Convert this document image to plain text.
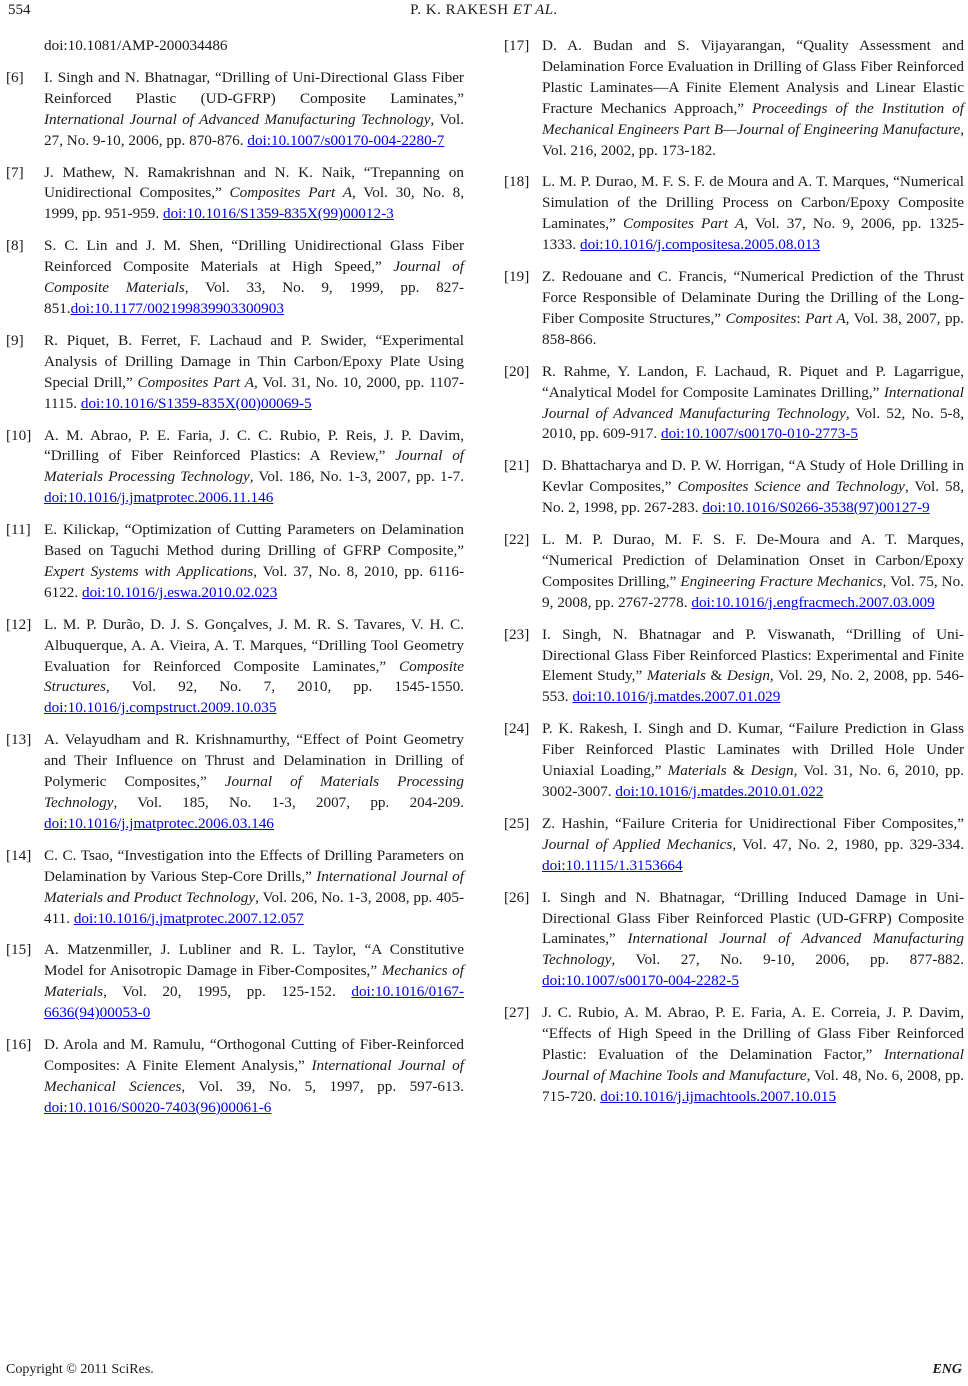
554	P. K. RAKESH ET AL.
doi:10.1081/AMP-200034486
[6] I. Singh and N. Bhatnagar, “Drilling of Uni-Directional Glass Fiber Reinforced Plastic (UD-GFRP) Composite Laminates,” International Journal of Advanced Manufacturing Technology, Vol. 27, No. 9-10, 2006, pp. 870-876. doi:10.1007/s00170-004-2280-7
[7] J. Mathew, N. Ramakrishnan and N. K. Naik, “Trepanning on Unidirectional Composites,” Composites Part A, Vol. 30, No. 8, 1999, pp. 951-959. doi:10.1016/S1359-835X(99)00012-3
[8] S. C. Lin and J. M. Shen, “Drilling Unidirectional Glass Fiber Reinforced Composite Materials at High Speed,” Journal of Composite Materials, Vol. 33, No. 9, 1999, pp. 827-851.doi:10.1177/002199839903300903
[9] R. Piquet, B. Ferret, F. Lachaud and P. Swider, “Experimental Analysis of Drilling Damage in Thin Carbon/Epoxy Plate Using Special Drill,” Composites Part A, Vol. 31, No. 10, 2000, pp. 1107-1115. doi:10.1016/S1359-835X(00)00069-5
[10] A. M. Abrao, P. E. Faria, J. C. C. Rubio, P. Reis, J. P. Davim, “Drilling of Fiber Reinforced Plastics: A Review,” Journal of Materials Processing Technology, Vol. 186, No. 1-3, 2007, pp. 1-7. doi:10.1016/j.jmatprotec.2006.11.146
[11] E. Kilickap, “Optimization of Cutting Parameters on Delamination Based on Taguchi Method during Drilling of GFRP Composite,” Expert Systems with Applications, Vol. 37, No. 8, 2010, pp. 6116-6122. doi:10.1016/j.eswa.2010.02.023
[12] L. M. P. Durão, D. J. S. Gonçalves, J. M. R. S. Tavares, V. H. C. Albuquerque, A. A. Vieira, A. T. Marques, “Drilling Tool Geometry Evaluation for Reinforced Composite Laminates,” Composite Structures, Vol. 92, No. 7, 2010, pp. 1545-1550. doi:10.1016/j.compstruct.2009.10.035
[13] A. Velayudham and R. Krishnamurthy, “Effect of Point Geometry and Their Influence on Thrust and Delamination in Drilling of Polymeric Composites,” Journal of Materials Processing Technology, Vol. 185, No. 1-3, 2007, pp. 204-209. doi:10.1016/j.jmatprotec.2006.03.146
[14] C. C. Tsao, “Investigation into the Effects of Drilling Parameters on Delamination by Various Step-Core Drills,” International Journal of Materials and Product Technology, Vol. 206, No. 1-3, 2008, pp. 405-411. doi:10.1016/j.jmatprotec.2007.12.057
[15] A. Matzenmiller, J. Lubliner and R. L. Taylor, “A Constitutive Model for Anisotropic Damage in Fiber-Composites,” Mechanics of Materials, Vol. 20, 1995, pp. 125-152. doi:10.1016/0167-6636(94)00053-0
[16] D. Arola and M. Ramulu, “Orthogonal Cutting of Fiber-Reinforced Composites: A Finite Element Analysis,” International Journal of Mechanical Sciences, Vol. 39, No. 5, 1997, pp. 597-613. doi:10.1016/S0020-7403(96)00061-6
[17] D. A. Budan and S. Vijayarangan, “Quality Assessment and Delamination Force Evaluation in Drilling of Glass Fiber Reinforced Plastic Laminates—A Finite Element Analysis and Linear Elastic Fracture Mechanics Approach,” Proceedings of the Institution of Mechanical Engineers Part B—Journal of Engineering Manufacture, Vol. 216, 2002, pp. 173-182.
[18] L. M. P. Durao, M. F. S. F. de Moura and A. T. Marques, “Numerical Simulation of the Drilling Process on Carbon/Epoxy Composite Laminates,” Composites Part A, Vol. 37, No. 9, 2006, pp. 1325-1333. doi:10.1016/j.compositesa.2005.08.013
[19] Z. Redouane and C. Francis, “Numerical Prediction of the Thrust Force Responsible of Delaminate During the Drilling of the Long-Fiber Composite Structures,” Composites: Part A, Vol. 38, 2007, pp. 858-866.
[20] R. Rahme, Y. Landon, F. Lachaud, R. Piquet and P. Lagarrigue, “Analytical Model for Composite Laminates Drilling,” International Journal of Advanced Manufacturing Technology, Vol. 52, No. 5-8, 2010, pp. 609-917. doi:10.1007/s00170-010-2773-5
[21] D. Bhattacharya and D. P. W. Horrigan, “A Study of Hole Drilling in Kevlar Composites,” Composites Science and Technology, Vol. 58, No. 2, 1998, pp. 267-283. doi:10.1016/S0266-3538(97)00127-9
[22] L. M. P. Durao, M. F. S. F. De-Moura and A. T. Marques, “Numerical Prediction of Delamination Onset in Carbon/Epoxy Composites Drilling,” Engineering Fracture Mechanics, Vol. 75, No. 9, 2008, pp. 2767-2778. doi:10.1016/j.engfracmech.2007.03.009
[23] I. Singh, N. Bhatnagar and P. Viswanath, “Drilling of Uni-Directional Glass Fiber Reinforced Plastics: Experimental and Finite Element Study,” Materials & Design, Vol. 29, No. 2, 2008, pp. 546-553. doi:10.1016/j.matdes.2007.01.029
[24] P. K. Rakesh, I. Singh and D. Kumar, “Failure Prediction in Glass Fiber Reinforced Plastic Laminates with Drilled Hole Under Uniaxial Loading,” Materials & Design, Vol. 31, No. 6, 2010, pp. 3002-3007. doi:10.1016/j.matdes.2010.01.022
[25] Z. Hashin, “Failure Criteria for Unidirectional Fiber Composites,” Journal of Applied Mechanics, Vol. 47, No. 2, 1980, pp. 329-334. doi:10.1115/1.3153664
[26] I. Singh and N. Bhatnagar, “Drilling Induced Damage in Uni-Directional Glass Fiber Reinforced Plastic (UD-GFRP) Composite Laminates,” International Journal of Advanced Manufacturing Technology, Vol. 27, No. 9-10, 2006, pp. 877-882. doi:10.1007/s00170-004-2282-5
[27] J. C. Rubio, A. M. Abrao, P. E. Faria, A. E. Correia, J. P. Davim, “Effects of High Speed in the Drilling of Glass Fiber Reinforced Plastic: Evaluation of the Delamination Factor,” International Journal of Machine Tools and Manufacture, Vol. 48, No. 6, 2008, pp. 715-720. doi:10.1016/j.ijmachtools.2007.10.015
Copyright © 2011 SciRes.	ENG
